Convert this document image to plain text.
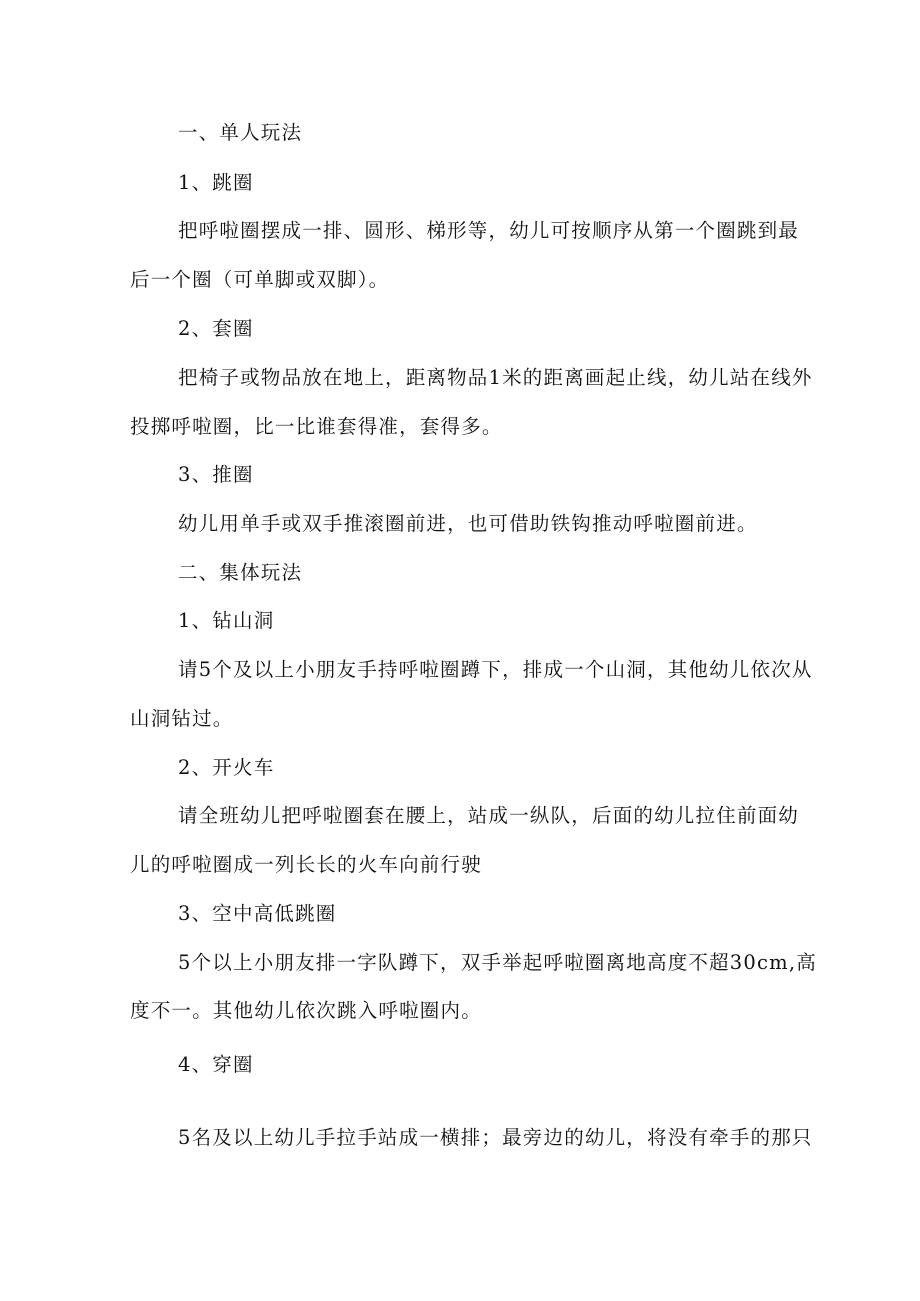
一、单人玩法
1、跳圈
把呼啦圈摆成一排、圆形、梯形等，幼儿可按顺序从第一个圈跳到最
后一个圈（可单脚或双脚）。
2、套圈
把椅子或物品放在地上，距离物品1米的距离画起止线，幼儿站在线外
投掷呼啦圈，比一比谁套得准，套得多。
3、推圈
幼儿用单手或双手推滚圈前进，也可借助铁钩推动呼啦圈前进。
二、集体玩法
1、钻山洞
请5个及以上小朋友手持呼啦圈蹲下，排成一个山洞，其他幼儿依次从
山洞钻过。
2、开火车
请全班幼儿把呼啦圈套在腰上，站成一纵队，后面的幼儿拉住前面幼
儿的呼啦圈成一列长长的火车向前行驶
3、空中高低跳圈
5个以上小朋友排一字队蹲下，双手举起呼啦圈离地高度不超30cm,高
度不一。其他幼儿依次跳入呼啦圈内。
4、穿圈
5名及以上幼儿手拉手站成一横排；最旁边的幼儿，将没有牵手的那只
